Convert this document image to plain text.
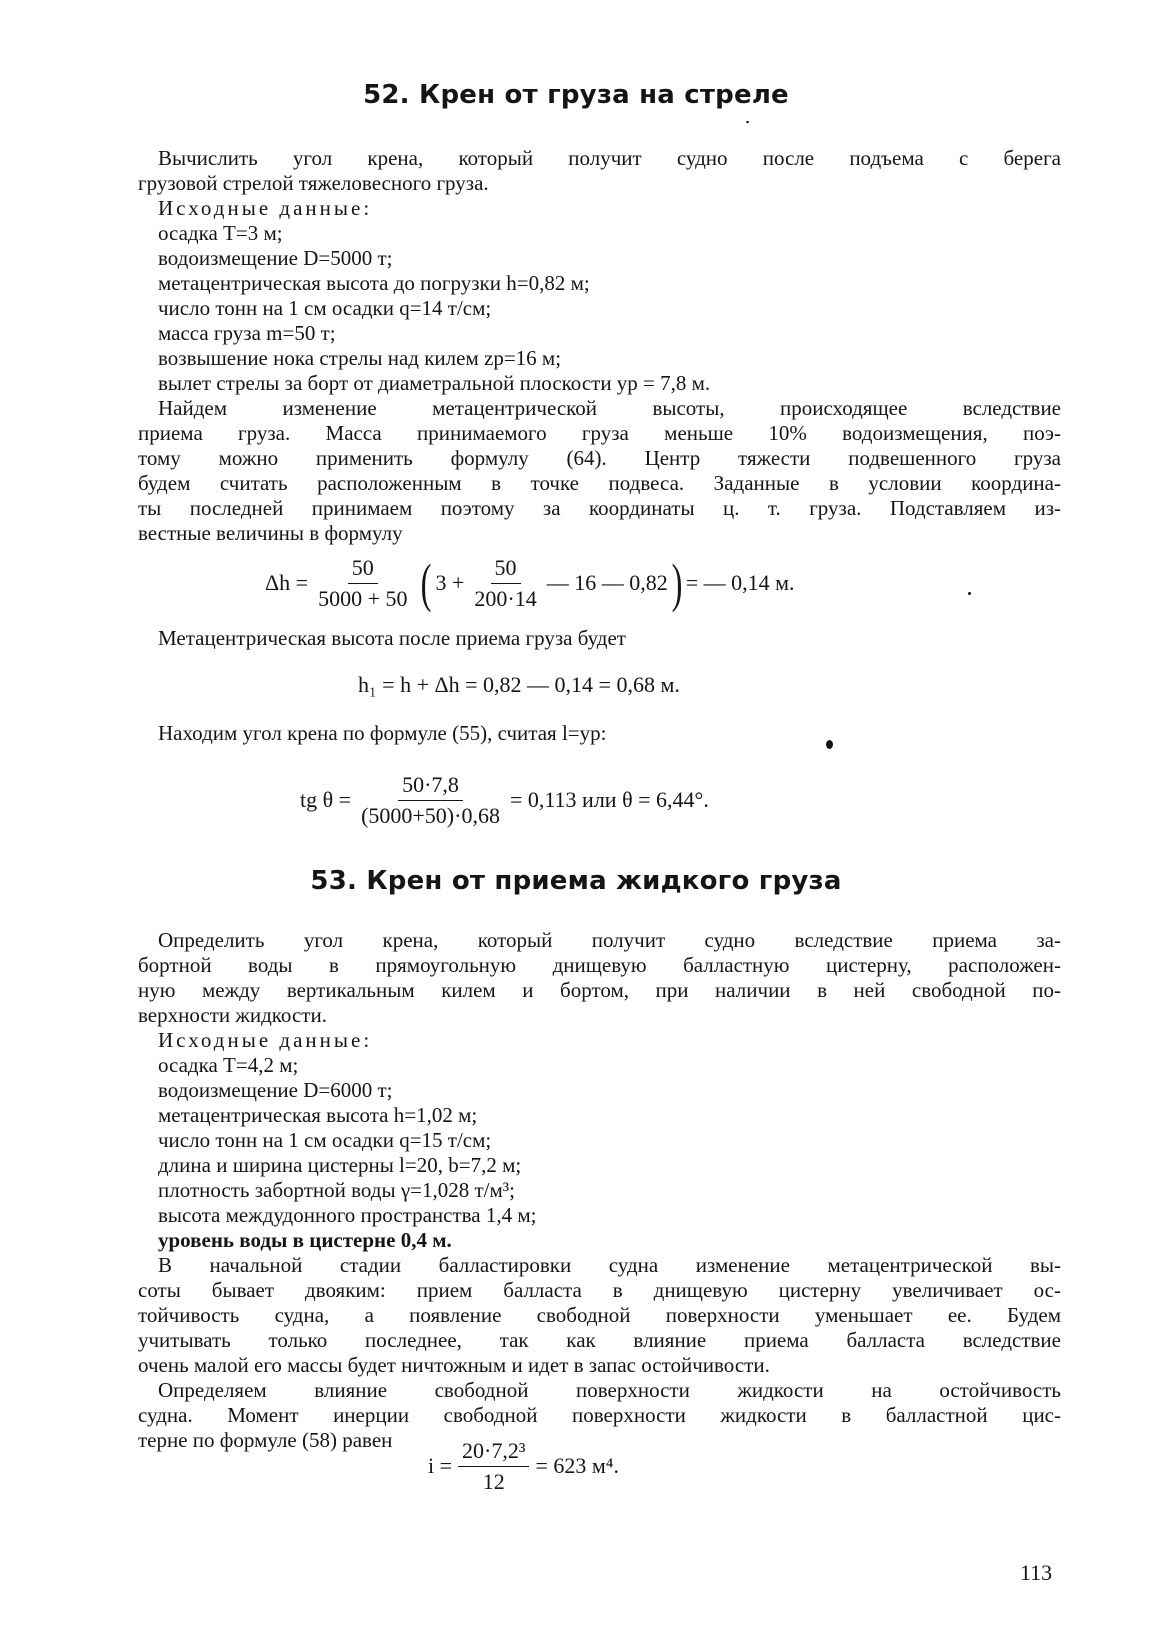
52. Крен от груза на стреле

Вычислить угол крена, который получит судно после подъема с берега

грузовой стрелой тяжеловесного груза.

Исходные данные:

осадка T=3 м;

водоизмещение D=5000 т;

метацентрическая высота до погрузки h=0,82 м;

число тонн на 1 см осадки q=14 т/см;

масса груза m=50 т;

возвышение нока стрелы над килем zp=16 м;

вылет стрелы за борт от диаметральной плоскости yp = 7,8 м.

Найдем изменение метацентрической высоты, происходящее вследствие

приема груза. Масса принимаемого груза меньше 10% водоизмещения, поэ-

тому можно применить формулу (64). Центр тяжести подвешенного груза

будем считать расположенным в точке подвеса. Заданные в условии координа-

ты последней принимаем поэтому за координаты ц. т. груза. Подставляем из-

вестные величины в формулу

$\Delta h = \frac{50}{5000 + 50}$ ( $3 + \frac{50}{200\cdot 14}$ — 16 — 0,82 ) = — 0,14 м.

Метацентрическая высота после приема груза будет

h₁ = h + Δh = 0,82 — 0,14 = 0,68 м.

Находим угол крена по формуле (55), считая l=yp:

tg $\theta = \frac{50\cdot 7,8}{(5000+50)\cdot 0,68} = 0,113$ или θ = 6,44°.
53. Крен от приема жидкого груза

Определить угол крена, который получит судно вследствие приема за-

бортной воды в прямоугольную днищевую балластную цистерну, расположен-

ную между вертикальным килем и бортом, при наличии в ней свободной по-

верхности жидкости.

Исходные данные:

осадка T=4,2 м;

водоизмещение D=6000 т;

метацентрическая высота h=1,02 м;

число тонн на 1 см осадки q=15 т/см;

длина и ширина цистерны l=20, b=7,2 м;

плотность забортной воды γ=1,028 т/м³;

высота междудонного пространства 1,4 м;

уровень воды в цистерне 0,4 м.

В начальной стадии балластировки судна изменение метацентрической вы-

соты бывает двояким: прием балласта в днищевую цистерну увеличивает ос-

тойчивость судна, а появление свободной поверхности уменьшает ее. Будем

учитывать только последнее, так как влияние приема балласта вследствие

очень малой его массы будет ничтожным и идет в запас остойчивости.

Определяем влияние свободной поверхности жидкости на остойчивость

судна. Момент инерции свободной поверхности жидкости в балластной цис-

терне по формуле (58) равен

$i = \frac{\text{20·7,2³}}{12} = 623$ м⁴.
113
